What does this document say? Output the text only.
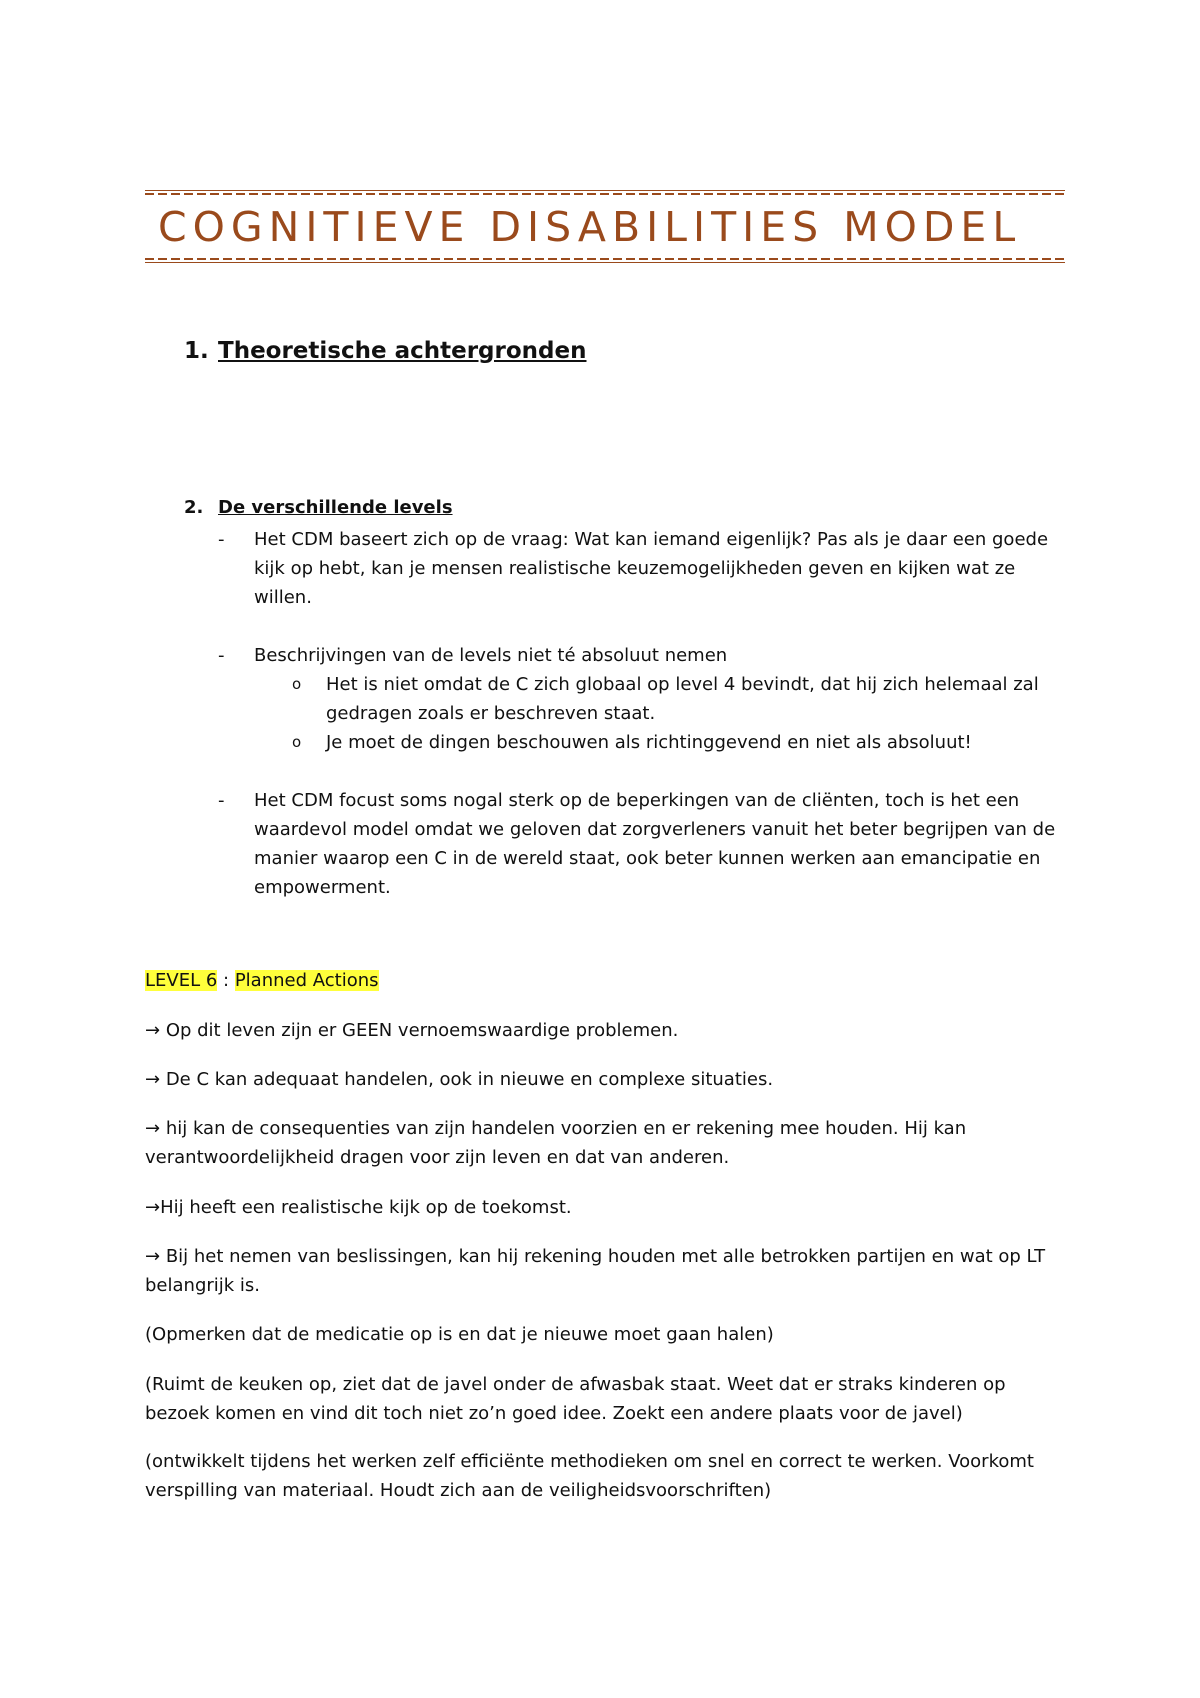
COGNITIEVE DISABILITIES MODEL
1. Theoretische achtergronden
2. De verschillende levels
- Het CDM baseert zich op de vraag: Wat kan iemand eigenlijk? Pas als je daar een goede kijk op hebt, kan je mensen realistische keuzemogelijkheden geven en kijken wat ze willen.
- Beschrijvingen van de levels niet té absoluut nemen
o Het is niet omdat de C zich globaal op level 4 bevindt, dat hij zich helemaal zal gedragen zoals er beschreven staat.
o Je moet de dingen beschouwen als richtinggevend en niet als absoluut!
- Het CDM focust soms nogal sterk op de beperkingen van de cliënten, toch is het een waardevol model omdat we geloven dat zorgverleners vanuit het beter begrijpen van de manier waarop een C in de wereld staat, ook beter kunnen werken aan emancipatie en empowerment.
LEVEL 6 : Planned Actions
→ Op dit leven zijn er GEEN vernoemswaardige problemen.
→ De C kan adequaat handelen, ook in nieuwe en complexe situaties.
→ hij kan de consequenties van zijn handelen voorzien en er rekening mee houden. Hij kan verantwoordelijkheid dragen voor zijn leven en dat van anderen.
→Hij heeft een realistische kijk op de toekomst.
→ Bij het nemen van beslissingen, kan hij rekening houden met alle betrokken partijen en wat op LT belangrijk is.
(Opmerken dat de medicatie op is en dat je nieuwe moet gaan halen)
(Ruimt de keuken op, ziet dat de javel onder de afwasbak staat. Weet dat er straks kinderen op bezoek komen en vind dit toch niet zo’n goed idee. Zoekt een andere plaats voor de javel)
(ontwikkelt tijdens het werken zelf efficiënte methodieken om snel en correct te werken. Voorkomt verspilling van materiaal. Houdt zich aan de veiligheidsvoorschriften)
